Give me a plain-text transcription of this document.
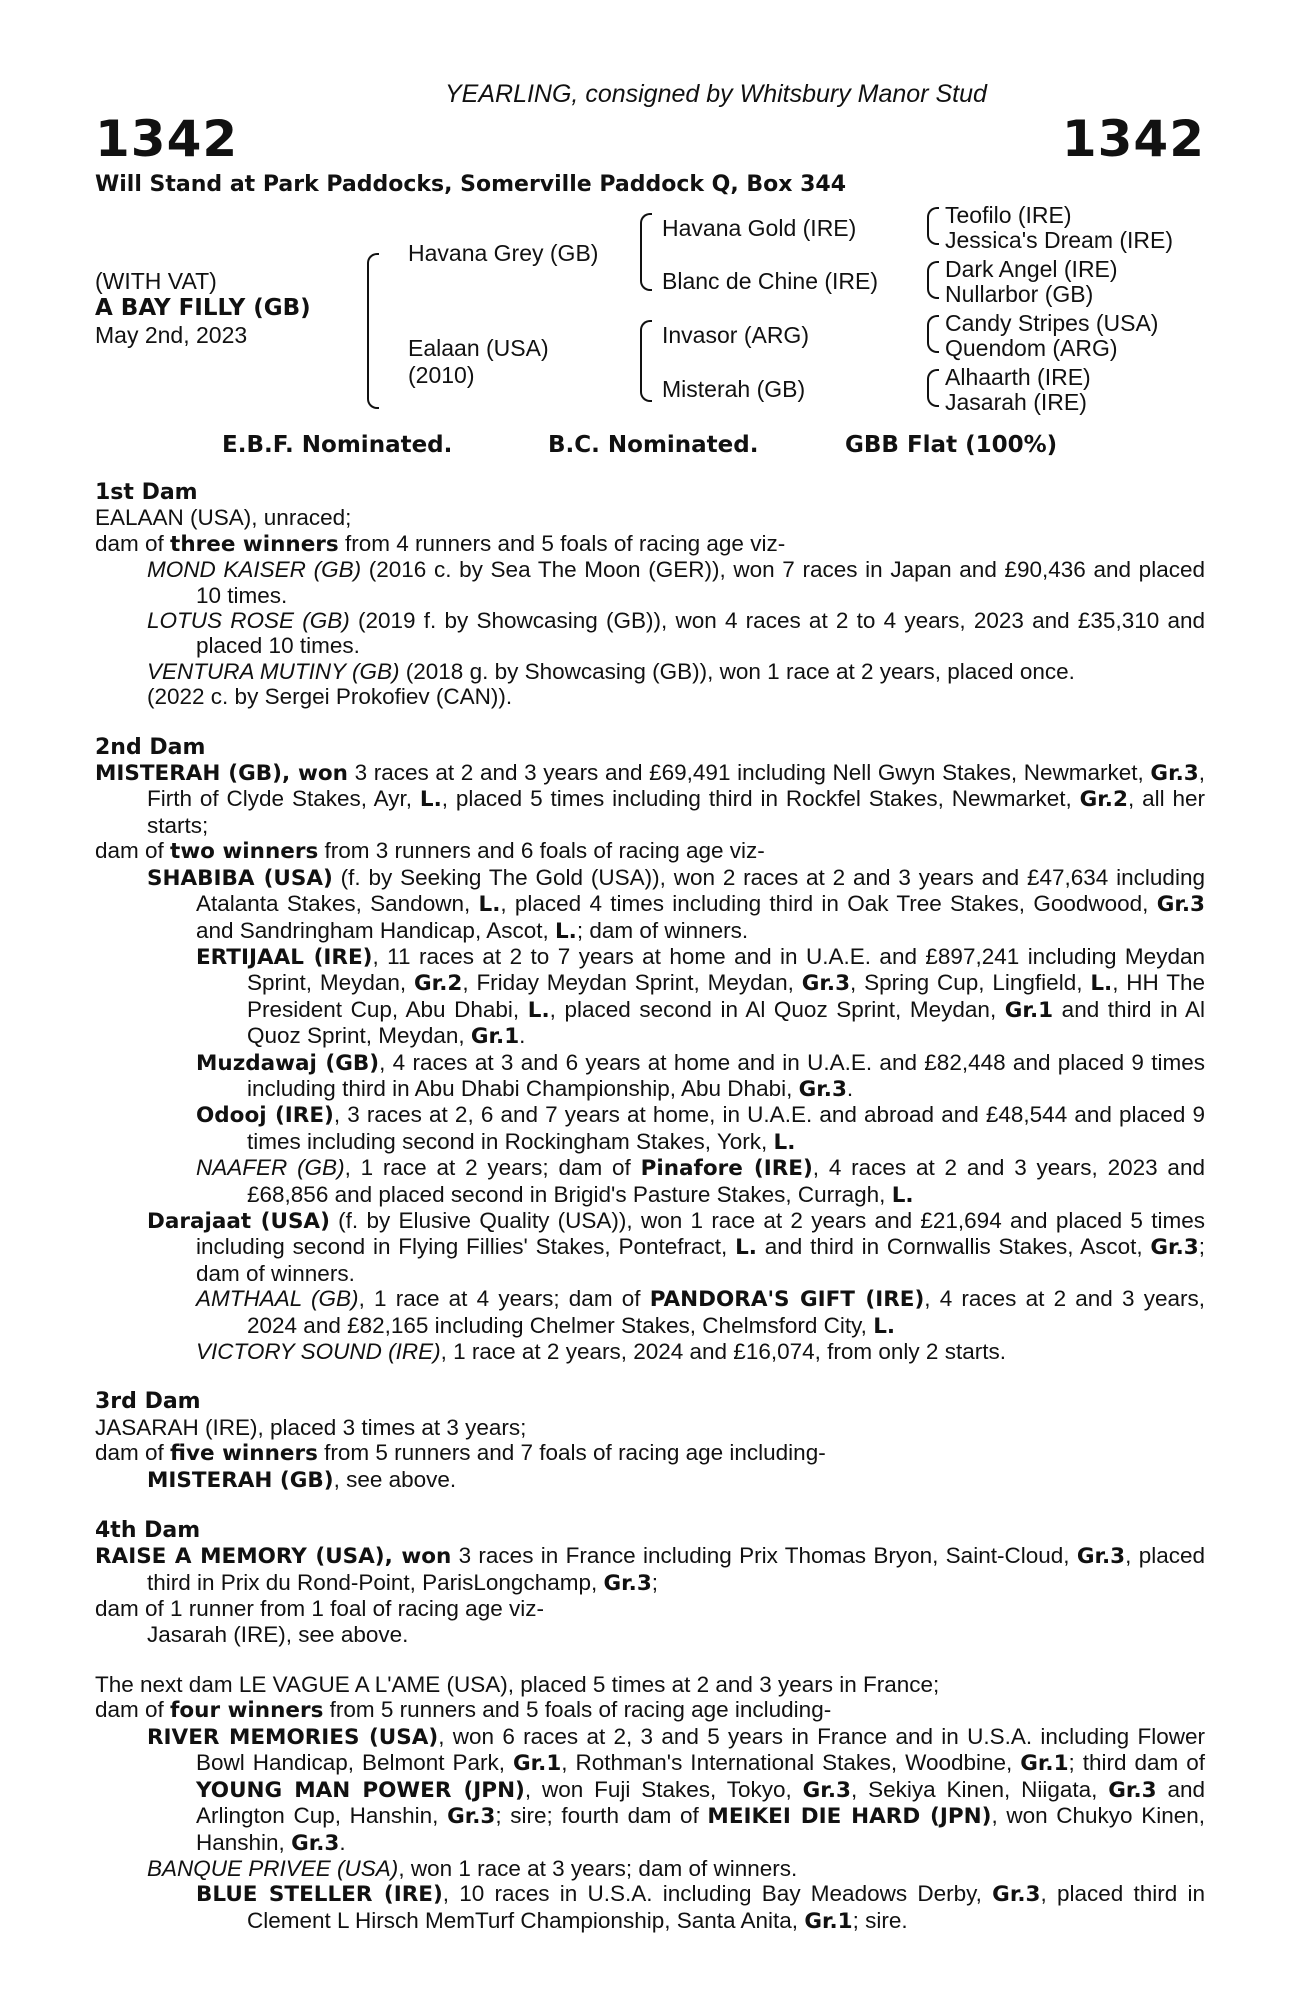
YEARLING, consigned by Whitsbury Manor Stud
1342	1342
Will Stand at Park Paddocks, Somerville Paddock Q, Box 344
(WITH VAT)
A BAY FILLY (GB)
May 2nd, 2023
Havana Grey (GB)
Ealaan (USA)
(2010)
Havana Gold (IRE)
Blanc de Chine (IRE)
Invasor (ARG)
Misterah (GB)
Teofilo (IRE)
Jessica's Dream (IRE)
Dark Angel (IRE)
Nullarbor (GB)
Candy Stripes (USA)
Quendom (ARG)
Alhaarth (IRE)
Jasarah (IRE)
E.B.F. Nominated.	B.C. Nominated.	GBB Flat (100%)
1st Dam

EALAAN (USA), unraced;

dam of three winners from 4 runners and 5 foals of racing age viz-

MOND KAISER (GB) (2016 c. by Sea The Moon (GER)), won 7 races in Japan and £90,436 and placed 10 times.

LOTUS ROSE (GB) (2019 f. by Showcasing (GB)), won 4 races at 2 to 4 years, 2023 and £35,310 and placed 10 times.

VENTURA MUTINY (GB) (2018 g. by Showcasing (GB)), won 1 race at 2 years, placed once.

(2022 c. by Sergei Prokofiev (CAN)).

2nd Dam

MISTERAH (GB), won 3 races at 2 and 3 years and £69,491 including Nell Gwyn Stakes, Newmarket, Gr.3, Firth of Clyde Stakes, Ayr, L., placed 5 times including third in Rockfel Stakes, Newmarket, Gr.2, all her starts;

dam of two winners from 3 runners and 6 foals of racing age viz-

SHABIBA (USA) (f. by Seeking The Gold (USA)), won 2 races at 2 and 3 years and £47,634 including Atalanta Stakes, Sandown, L., placed 4 times including third in Oak Tree Stakes, Goodwood, Gr.3 and Sandringham Handicap, Ascot, L.; dam of winners.

ERTIJAAL (IRE), 11 races at 2 to 7 years at home and in U.A.E. and £897,241 including Meydan Sprint, Meydan, Gr.2, Friday Meydan Sprint, Meydan, Gr.3, Spring Cup, Lingfield, L., HH The President Cup, Abu Dhabi, L., placed second in Al Quoz Sprint, Meydan, Gr.1 and third in Al Quoz Sprint, Meydan, Gr.1.

Muzdawaj (GB), 4 races at 3 and 6 years at home and in U.A.E. and £82,448 and placed 9 times including third in Abu Dhabi Championship, Abu Dhabi, Gr.3.

Odooj (IRE), 3 races at 2, 6 and 7 years at home, in U.A.E. and abroad and £48,544 and placed 9 times including second in Rockingham Stakes, York, L.

NAAFER (GB), 1 race at 2 years; dam of Pinafore (IRE), 4 races at 2 and 3 years, 2023 and £68,856 and placed second in Brigid's Pasture Stakes, Curragh, L.

Darajaat (USA) (f. by Elusive Quality (USA)), won 1 race at 2 years and £21,694 and placed 5 times including second in Flying Fillies' Stakes, Pontefract, L. and third in Cornwallis Stakes, Ascot, Gr.3; dam of winners.

AMTHAAL (GB), 1 race at 4 years; dam of PANDORA'S GIFT (IRE), 4 races at 2 and 3 years, 2024 and £82,165 including Chelmer Stakes, Chelmsford City, L.

VICTORY SOUND (IRE), 1 race at 2 years, 2024 and £16,074, from only 2 starts.

3rd Dam

JASARAH (IRE), placed 3 times at 3 years;

dam of five winners from 5 runners and 7 foals of racing age including-

MISTERAH (GB), see above.

4th Dam

RAISE A MEMORY (USA), won 3 races in France including Prix Thomas Bryon, Saint-Cloud, Gr.3, placed third in Prix du Rond-Point, ParisLongchamp, Gr.3;

dam of 1 runner from 1 foal of racing age viz-

Jasarah (IRE), see above.

The next dam LE VAGUE A L'AME (USA), placed 5 times at 2 and 3 years in France;

dam of four winners from 5 runners and 5 foals of racing age including-

RIVER MEMORIES (USA), won 6 races at 2, 3 and 5 years in France and in U.S.A. including Flower Bowl Handicap, Belmont Park, Gr.1, Rothman's International Stakes, Woodbine, Gr.1; third dam of YOUNG MAN POWER (JPN), won Fuji Stakes, Tokyo, Gr.3, Sekiya Kinen, Niigata, Gr.3 and Arlington Cup, Hanshin, Gr.3; sire; fourth dam of MEIKEI DIE HARD (JPN), won Chukyo Kinen, Hanshin, Gr.3.

BANQUE PRIVEE (USA), won 1 race at 3 years; dam of winners.

BLUE STELLER (IRE), 10 races in U.S.A. including Bay Meadows Derby, Gr.3, placed third in Clement L Hirsch MemTurf Championship, Santa Anita, Gr.1; sire.
